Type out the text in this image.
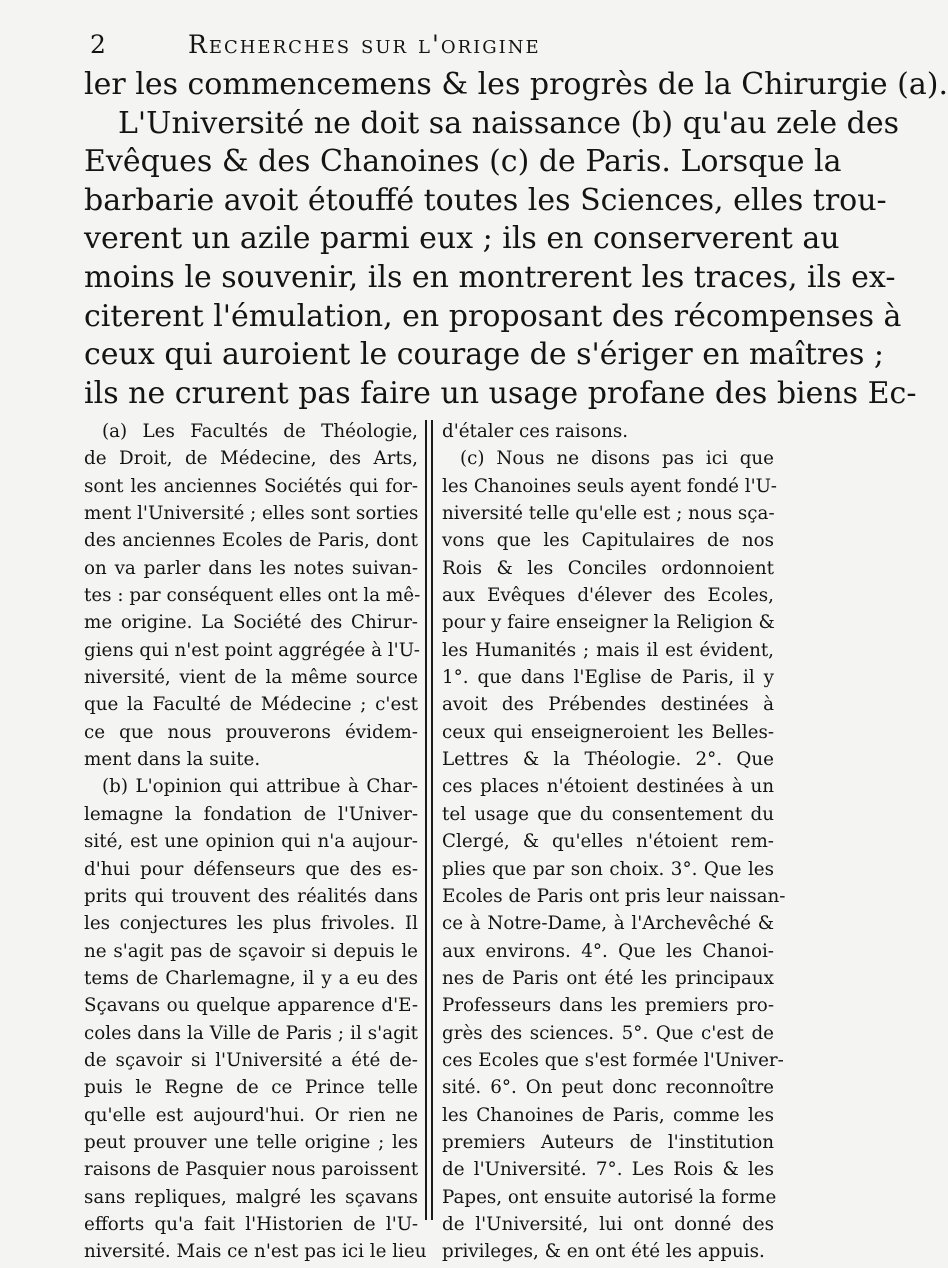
2	Recherches sur l'origine
ler les commencemens & les progrès de la Chirurgie (a).
L'Université ne doit sa naissance (b) qu'au zele des
Evêques & des Chanoines (c) de Paris. Lorsque la
barbarie avoit étouffé toutes les Sciences, elles trou-
verent un azile parmi eux ; ils en conserverent au
moins le souvenir, ils en montrerent les traces, ils ex-
citerent l'émulation, en proposant des récompenses à
ceux qui auroient le courage de s'ériger en maîtres ;
ils ne crurent pas faire un usage profane des biens Ec-
(a) Les Facultés de Théologie,
de Droit, de Médecine, des Arts,
sont les anciennes Sociétés qui for-
ment l'Université ; elles sont sorties
des anciennes Ecoles de Paris, dont
on va parler dans les notes suivan-
tes : par conséquent elles ont la mê-
me origine. La Société des Chirur-
giens qui n'est point aggrégée à l'U-
niversité, vient de la même source
que la Faculté de Médecine ; c'est
ce que nous prouverons évidem-
ment dans la suite.
(b) L'opinion qui attribue à Char-
lemagne la fondation de l'Univer-
sité, est une opinion qui n'a aujour-
d'hui pour défenseurs que des es-
prits qui trouvent des réalités dans
les conjectures les plus frivoles. Il
ne s'agit pas de sçavoir si depuis le
tems de Charlemagne, il y a eu des
Sçavans ou quelque apparence d'E-
coles dans la Ville de Paris ; il s'agit
de sçavoir si l'Université a été de-
puis le Regne de ce Prince telle
qu'elle est aujourd'hui. Or rien ne
peut prouver une telle origine ; les
raisons de Pasquier nous paroissent
sans repliques, malgré les sçavans
efforts qu'a fait l'Historien de l'U-
niversité. Mais ce n'est pas ici le lieu
d'étaler ces raisons.
(c) Nous ne disons pas ici que
les Chanoines seuls ayent fondé l'U-
niversité telle qu'elle est ; nous sça-
vons que les Capitulaires de nos
Rois & les Conciles ordonnoient
aux Evêques d'élever des Ecoles,
pour y faire enseigner la Religion &
les Humanités ; mais il est évident,
1°. que dans l'Eglise de Paris, il y
avoit des Prébendes destinées à
ceux qui enseigneroient les Belles-
Lettres & la Théologie. 2°. Que
ces places n'étoient destinées à un
tel usage que du consentement du
Clergé, & qu'elles n'étoient rem-
plies que par son choix. 3°. Que les
Ecoles de Paris ont pris leur naissan-
ce à Notre-Dame, à l'Archevêché &
aux environs. 4°. Que les Chanoi-
nes de Paris ont été les principaux
Professeurs dans les premiers pro-
grès des sciences. 5°. Que c'est de
ces Ecoles que s'est formée l'Univer-
sité. 6°. On peut donc reconnoître
les Chanoines de Paris, comme les
premiers Auteurs de l'institution
de l'Université. 7°. Les Rois & les
Papes, ont ensuite autorisé la forme
de l'Université, lui ont donné des
privileges, & en ont été les appuis.
